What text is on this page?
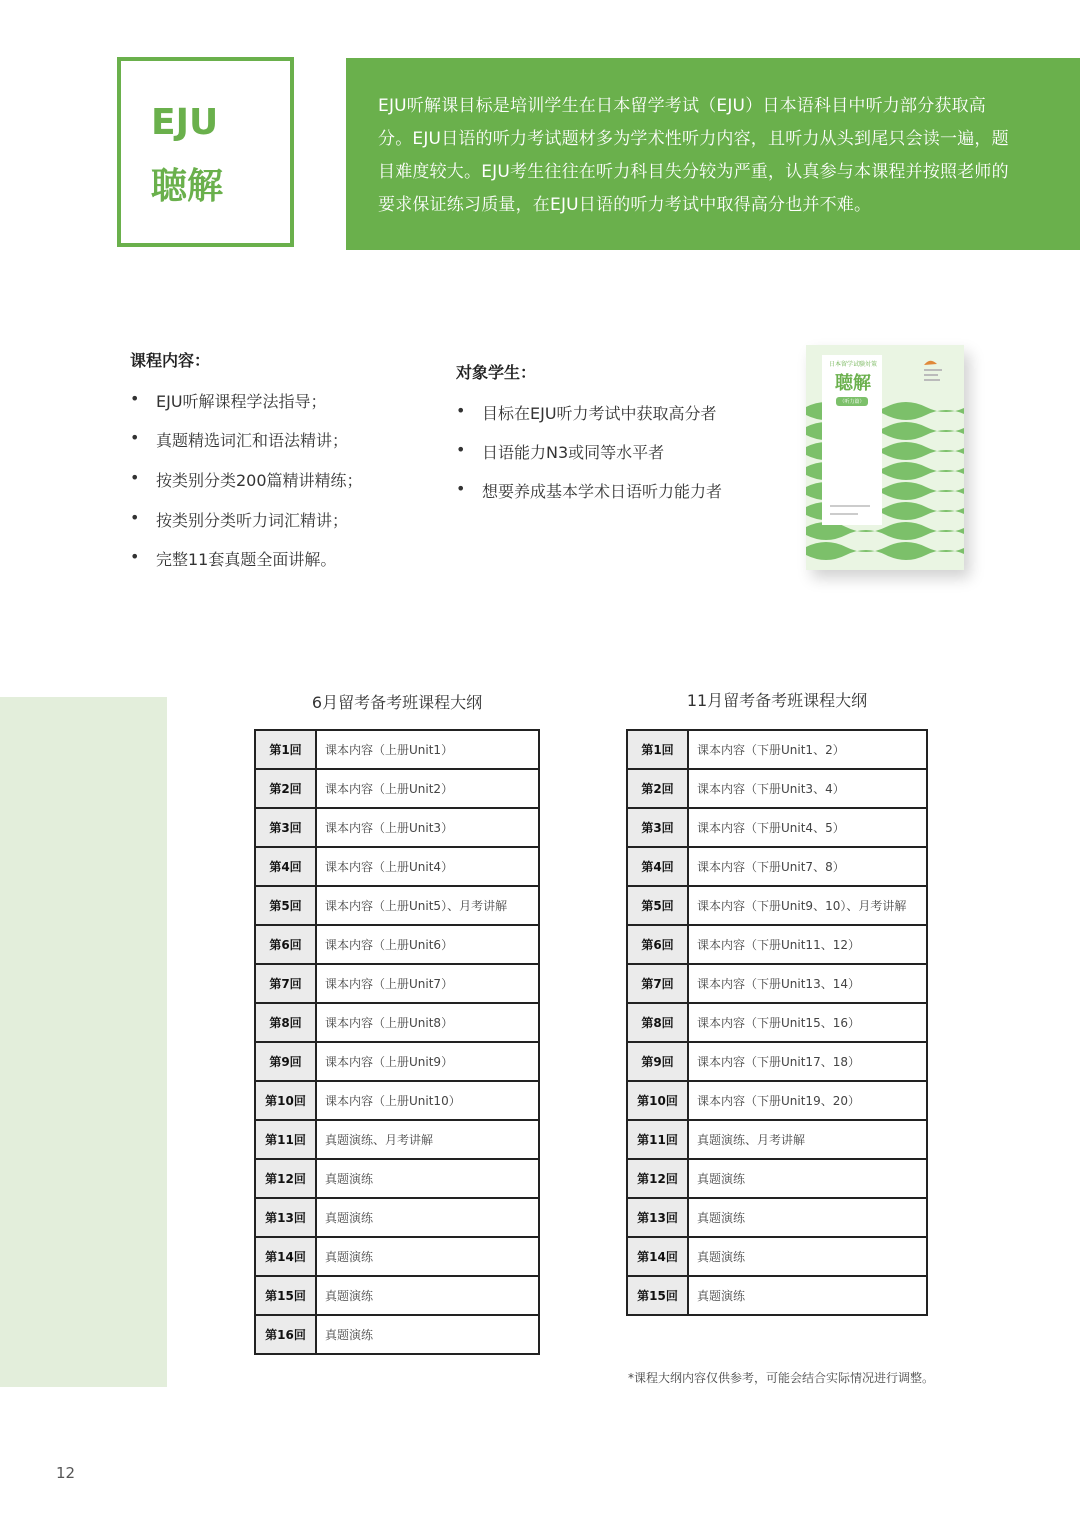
EJU
聴解
EJU听解课目标是培训学生在日本留学考试（EJU）日本语科目中听力部分获取高分。EJU日语的听力考试题材多为学术性听力内容，且听力从头到尾只会读一遍，题目难度较大。EJU考生往往在听力科目失分较为严重，认真参与本课程并按照老师的要求保证练习质量，在EJU日语的听力考试中取得高分也并不难。
课程内容：
• EJU听解课程学法指导；
• 真题精选词汇和语法精讲；
• 按类别分类200篇精讲精练；
• 按类别分类听力词汇精讲；
• 完整11套真题全面讲解。
对象学生：
• 目标在EJU听力考试中获取高分者
• 日语能力N3或同等水平者
• 想要养成基本学术日语听力能力者
日本留学试験対策
聴解
（听力篇）
6月留考备考班课程大纲
第1回	课本内容（上册Unit1）
第2回	课本内容（上册Unit2）
第3回	课本内容（上册Unit3）
第4回	课本内容（上册Unit4）
第5回	课本内容（上册Unit5）、月考讲解
第6回	课本内容（上册Unit6）
第7回	课本内容（上册Unit7）
第8回	课本内容（上册Unit8）
第9回	课本内容（上册Unit9）
第10回	课本内容（上册Unit10）
第11回	真题演练、月考讲解
第12回	真题演练
第13回	真题演练
第14回	真题演练
第15回	真题演练
第16回	真题演练
11月留考备考班课程大纲
第1回	课本内容（下册Unit1、2）
第2回	课本内容（下册Unit3、4）
第3回	课本内容（下册Unit4、5）
第4回	课本内容（下册Unit7、8）
第5回	课本内容（下册Unit9、10）、月考讲解
第6回	课本内容（下册Unit11、12）
第7回	课本内容（下册Unit13、14）
第8回	课本内容（下册Unit15、16）
第9回	课本内容（下册Unit17、18）
第10回	课本内容（下册Unit19、20）
第11回	真题演练、月考讲解
第12回	真题演练
第13回	真题演练
第14回	真题演练
第15回	真题演练
*课程大纲内容仅供参考，可能会结合实际情况进行调整。
12
